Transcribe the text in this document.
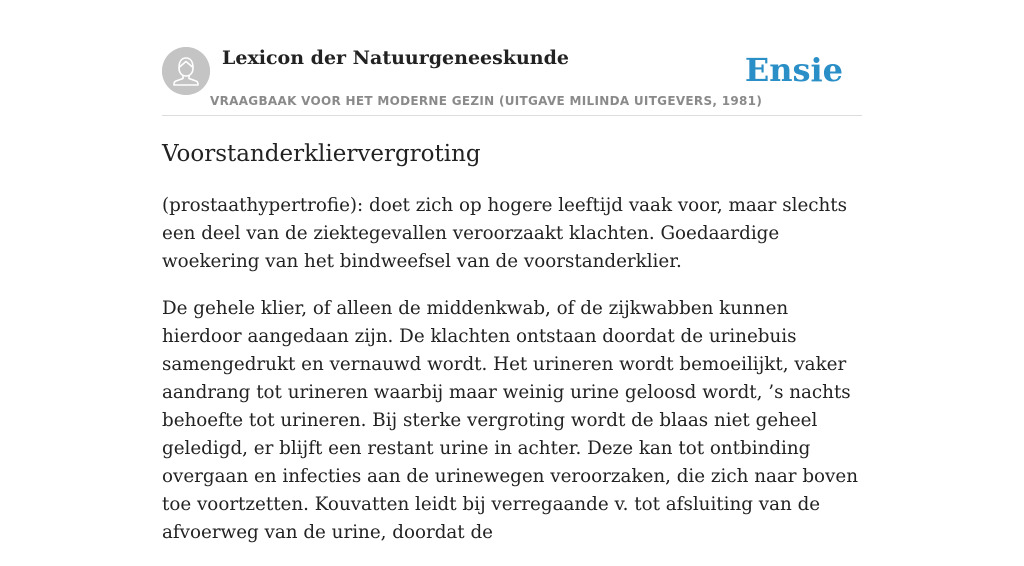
Lexicon der Natuurgeneeskunde
VRAAGBAAK VOOR HET MODERNE GEZIN (UITGAVE MILINDA UITGEVERS, 1981)
Ensie
Voorstanderkliervergroting

(prostaathypertrofie): doet zich op hogere leeftijd vaak voor, maar slechts een deel van de ziektegevallen veroorzaakt klachten. Goedaardige woekering van het bindweefsel van de voorstanderklier.

De gehele klier, of alleen de middenkwab, of de zijkwabben kunnen hierdoor aangedaan zijn. De klachten ontstaan doordat de urinebuis samengedrukt en vernauwd wordt. Het urineren wordt bemoeilijkt, vaker aandrang tot urineren waarbij maar weinig urine geloosd wordt, ’s nachts behoefte tot urineren. Bij sterke vergroting wordt de blaas niet geheel geledigd, er blijft een restant urine in achter. Deze kan tot ontbinding overgaan en infecties aan de urinewegen veroorzaken, die zich naar boven toe voortzetten. Kouvatten leidt bij verregaande v. tot afsluiting van de afvoerweg van de urine, doordat de
